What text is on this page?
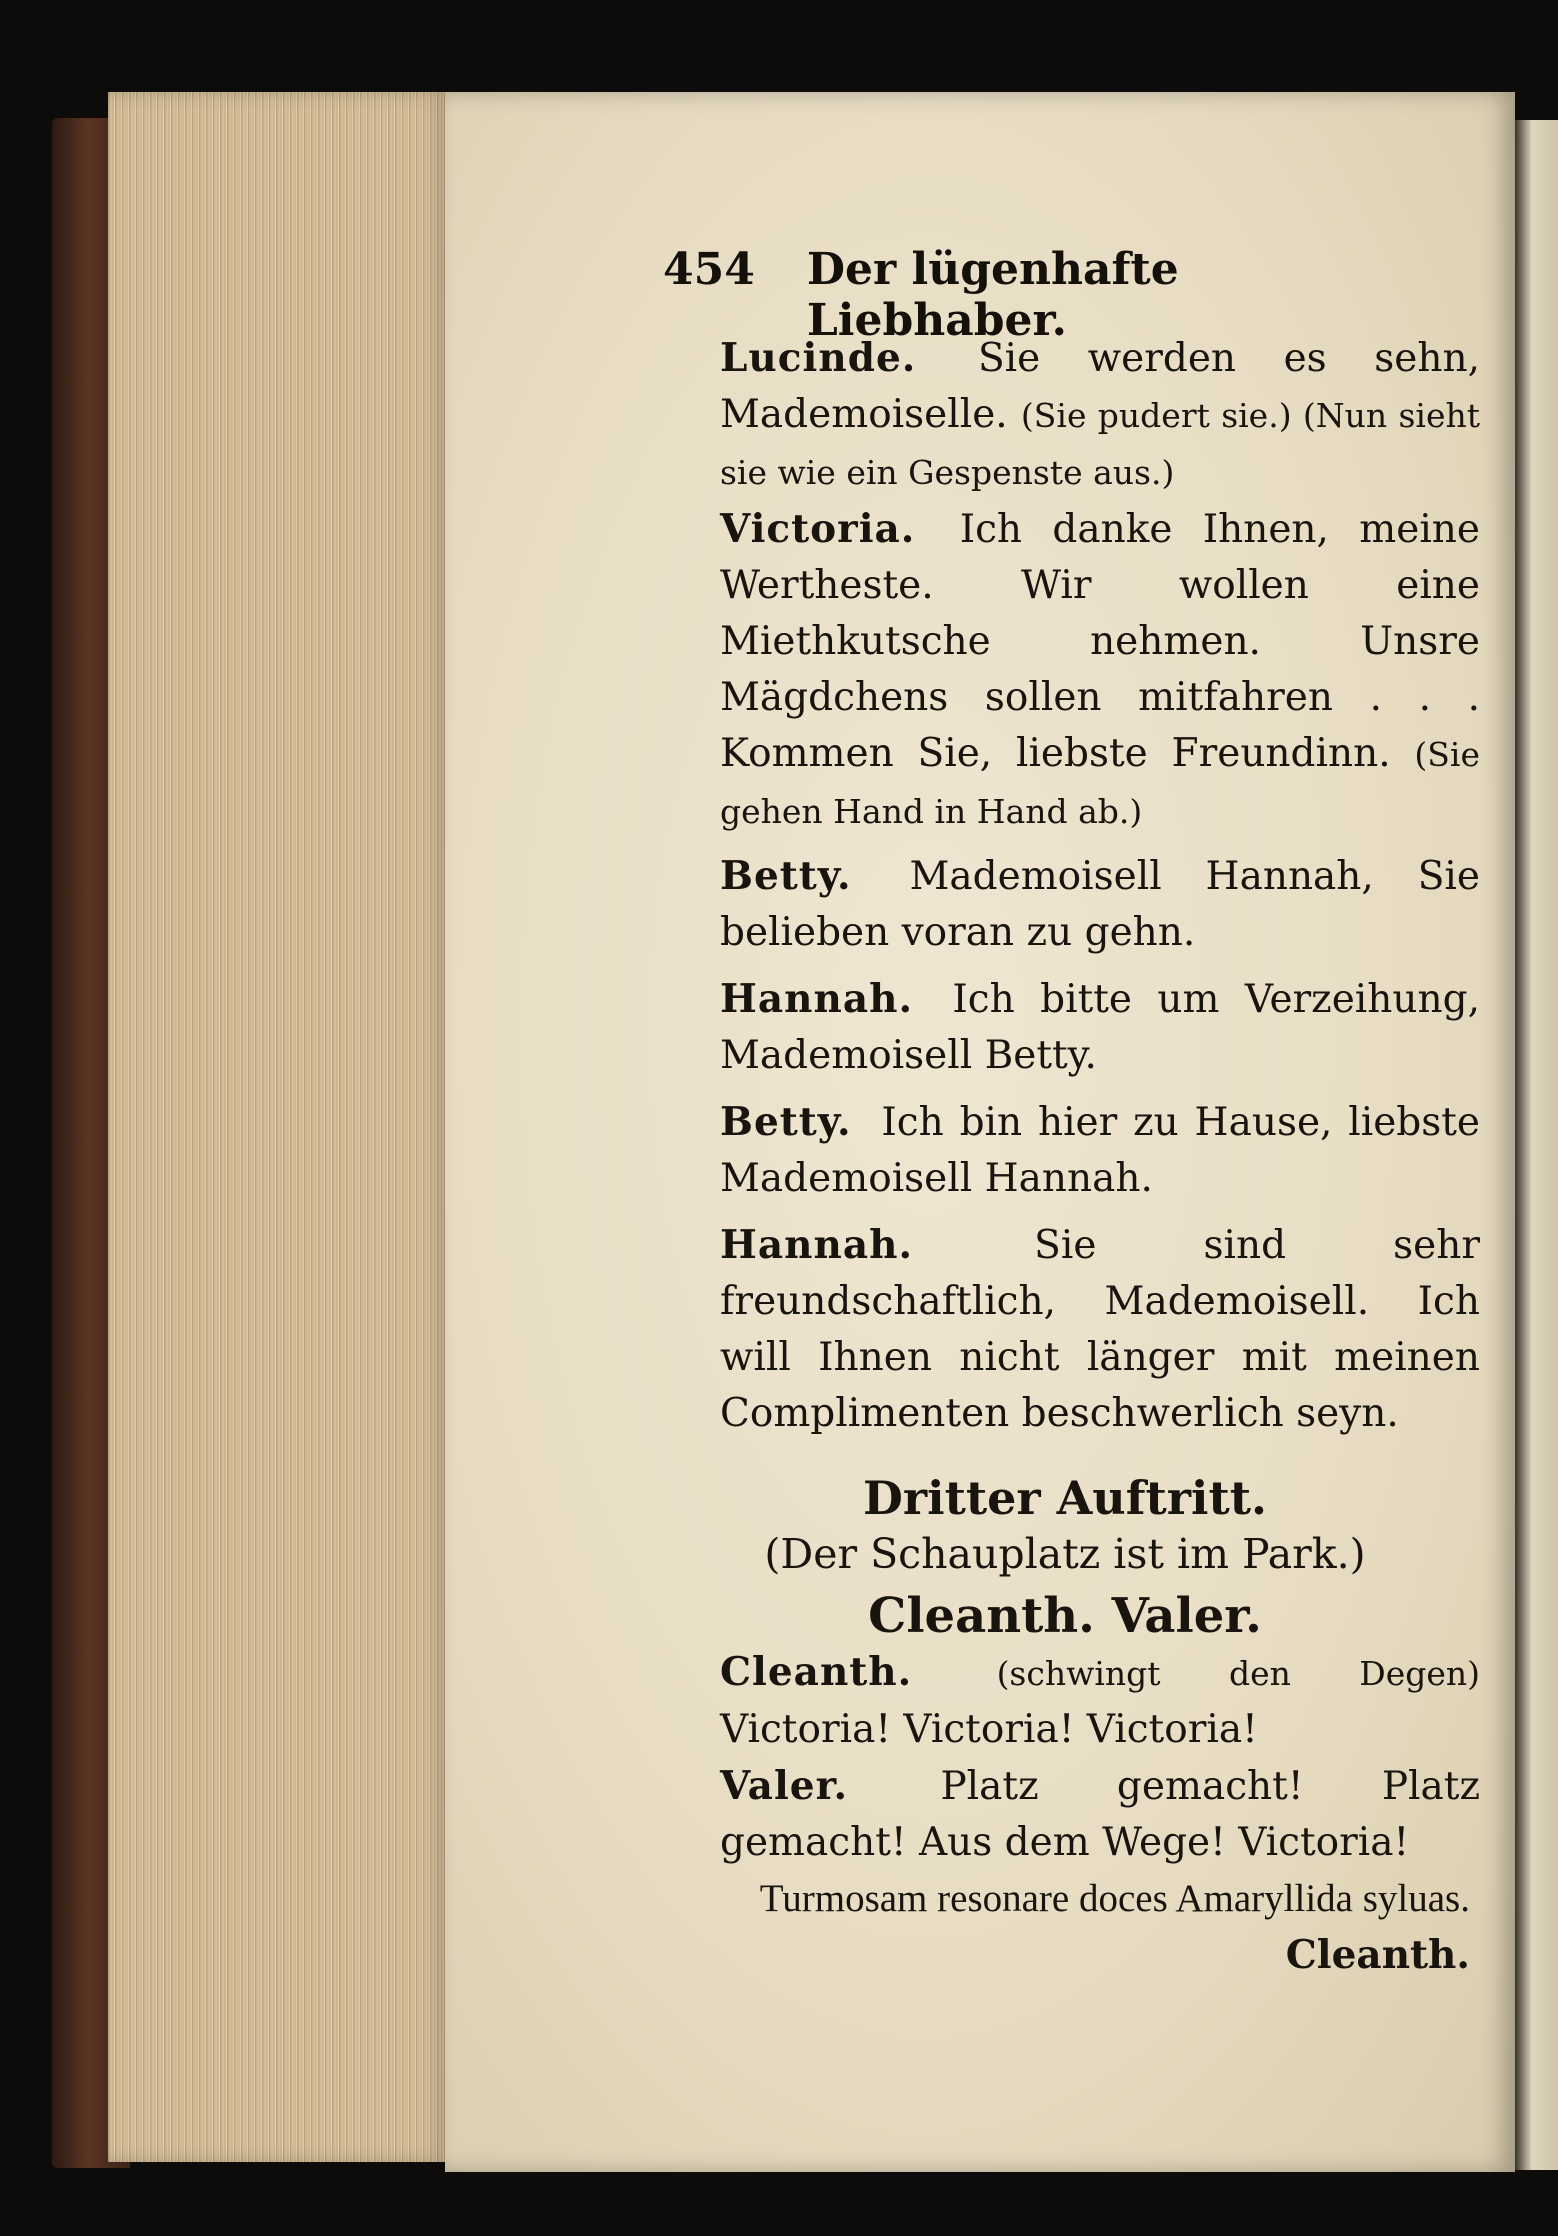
454 Der lügenhafte Liebhaber.

Lucinde. Sie werden es sehn, Mademoiselle. (Sie pudert sie.) (Nun sieht sie wie ein Gespenste aus.)

Victoria. Ich danke Ihnen, meine Wertheste. Wir wollen eine Miethkutsche nehmen. Unsre Mägdchens sollen mitfahren . . . Kommen Sie, liebste Freundinn. (Sie gehen Hand in Hand ab.)

Betty. Mademoisell Hannah, Sie belieben voran zu gehn.

Hannah. Ich bitte um Verzeihung, Mademoisell Betty.

Betty. Ich bin hier zu Hause, liebste Mademoisell Hannah.

Hannah.	Sie sind sehr freundschaftlich, Mademoisell. Ich will Ihnen nicht länger mit meinen Complimenten beschwerlich seyn.

Dritter Auftritt.
(Der Schauplatz ist im Park.)
Cleanth. Valer.

Cleanth.	(schwingt den Degen) Victoria! Victoria! Victoria!

Valer. Platz gemacht! Platz gemacht! Aus dem Wege! Victoria!

Turmosam resonare doces Amaryllida syluas.
Cleanth.
